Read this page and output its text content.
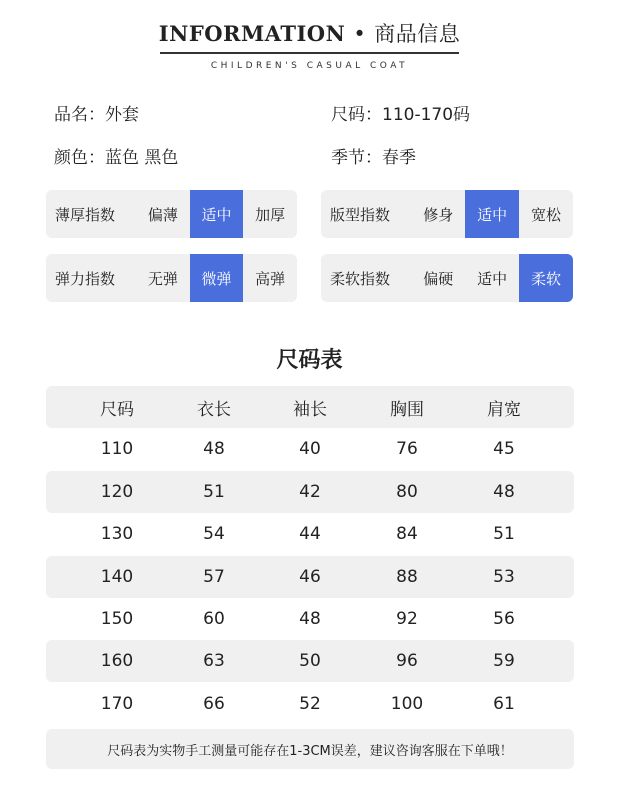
INFORMATION • 商品信息
CHILDREN'S CASUAL COAT
品名：外套	尺码：110-170码
颜色：蓝色 黑色	季节：春季
薄厚指数	偏薄	适中	加厚	版型指数	修身	适中	宽松
弹力指数	无弹	微弹	高弹	柔软指数	偏硬	适中	柔软
尺码表
尺码	衣长	袖长	胸围	肩宽
110	48	40	76	45
120	51	42	80	48
130	54	44	84	51
140	57	46	88	53
150	60	48	92	56
160	63	50	96	59
170	66	52	100	61
尺码表为实物手工测量可能存在1-3CM误差，建议咨询客服在下单哦！
